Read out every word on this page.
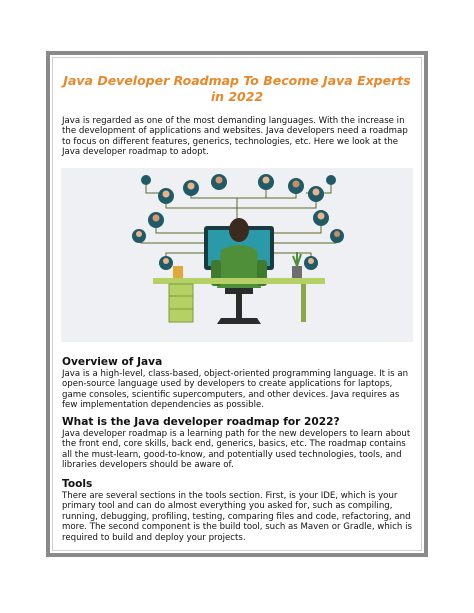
Java Developer Roadmap To Become Java Experts in 2022

Java is regarded as one of the most demanding languages. With the increase in the development of applications and websites. Java developers need a roadmap to focus on different features, generics, technologies, etc. Here we look at the Java developer roadmap to adopt.

Overview of Java

Java is a high-level, class-based, object-oriented programming language. It is an open-source language used by developers to create applications for laptops, game consoles, scientific supercomputers, and other devices. Java requires as few implementation dependencies as possible.

What is the Java developer roadmap for 2022?

Java developer roadmap is a learning path for the new developers to learn about the front end, core skills, back end, generics, basics, etc. The roadmap contains all the must-learn, good-to-know, and potentially used technologies, tools, and libraries developers should be aware of.

Tools

There are several sections in the tools section. First, is your IDE, which is your primary tool and can do almost everything you asked for, such as compiling, running, debugging, profiling, testing, comparing files and code, refactoring, and more. The second component is the build tool, such as Maven or Gradle, which is required to build and deploy your projects.
